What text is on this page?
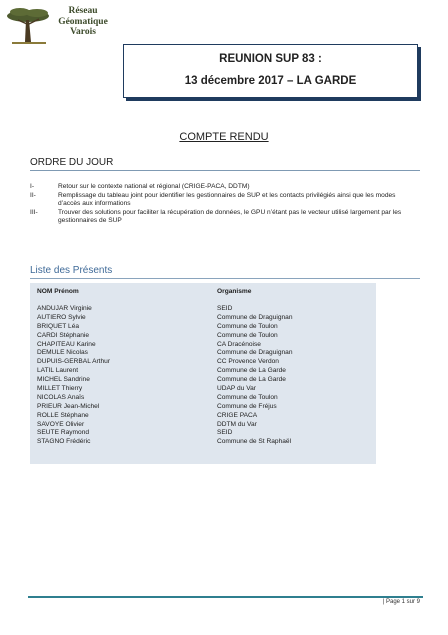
Réseau
Géomatique
Varois
REUNION SUP 83 :
13 décembre 2017 – LA GARDE
COMPTE RENDU
ORDRE DU JOUR
I-	Retour sur le contexte national et régional (CRIGE-PACA, DDTM)
II-	Remplissage du tableau joint pour identifier les gestionnaires de SUP et les contacts privilégiés ainsi que les modes d’accès aux informations
III-	Trouver des solutions pour faciliter la récupération de données, le GPU n’étant pas le vecteur utilisé largement par les gestionnaires de SUP
Liste des Présents
NOM Prénom	Organisme
ANDUJAR Virginie	SEID
AUTIERO Sylvie	Commune de Draguignan
BRIQUET Léa	Commune de Toulon
CARDI Stéphanie	Commune de Toulon
CHAPITEAU Karine	CA Dracénoise
DEMULE Nicolas	Commune de Draguignan
DUPUIS-GERBAL Arthur	CC Provence Verdon
LATIL Laurent	Commune de La Garde
MICHEL Sandrine	Commune de La Garde
MILLET Thierry	UDAP du Var
NICOLAS Anaïs	Commune de Toulon
PRIEUR Jean-Michel	Commune de Fréjus
ROLLE Stéphane	CRIGE PACA
SAVOYE Olivier	DDTM du Var
SEUTE Raymond	SEID
STAGNO Frédéric	Commune de St Raphaël
| Page 1 sur 9
